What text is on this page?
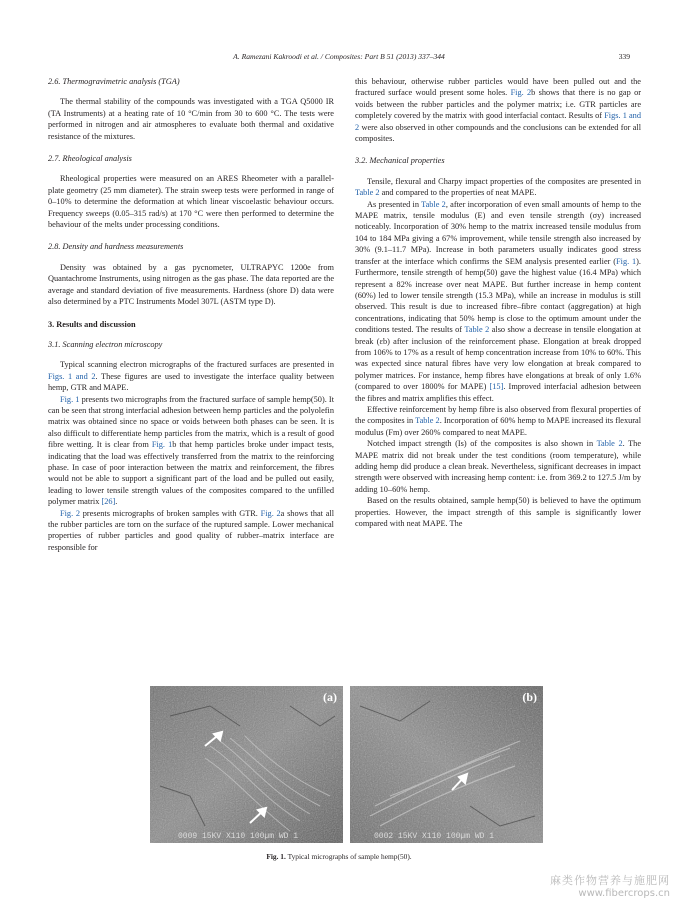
A. Ramezani Kakroodi et al. / Composites: Part B 51 (2013) 337–344	339
2.6. Thermogravimetric analysis (TGA)

The thermal stability of the compounds was investigated with a TGA Q5000 IR (TA Instruments) at a heating rate of 10 °C/min from 30 to 600 °C. The tests were performed in nitrogen and air atmospheres to evaluate both thermal and oxidative resistance of the mixtures.

2.7. Rheological analysis

Rheological properties were measured on an ARES Rheometer with a parallel-plate geometry (25 mm diameter). The strain sweep tests were performed in range of 0–10% to determine the deformation at which linear viscoelastic behaviour occurs. Frequency sweeps (0.05–315 rad/s) at 170 °C were then performed to determine the behaviour of the melts under processing conditions.

2.8. Density and hardness measurements

Density was obtained by a gas pycnometer, ULTRAPYC 1200e from Quantachrome Instruments, using nitrogen as the gas phase. The data reported are the average and standard deviation of five measurements. Hardness (shore D) data were also determined by a PTC Instruments Model 307L (ASTM type D).

3. Results and discussion
3.1. Scanning electron microscopy

Typical scanning electron micrographs of the fractured surfaces are presented in Figs. 1 and 2. These figures are used to investigate the interface quality between hemp, GTR and MAPE.

Fig. 1 presents two micrographs from the fractured surface of sample hemp(50). It can be seen that strong interfacial adhesion between hemp particles and the polyolefin matrix was obtained since no space or voids between both phases can be seen. It is also difficult to differentiate hemp particles from the matrix, which is a result of good fibre wetting. It is clear from Fig. 1b that hemp particles broke under impact tests, indicating that the load was effectively transferred from the matrix to the reinforcing phase. In case of poor interaction between the matrix and reinforcement, the fibres would not be able to support a significant part of the load and be pulled out easily, leading to lower tensile strength values of the composites compared to the unfilled polymer matrix [26].

Fig. 2 presents micrographs of broken samples with GTR. Fig. 2a shows that all the rubber particles are torn on the surface of the ruptured sample. Lower mechanical properties of rubber particles and good quality of rubber–matrix interface are responsible for

this behaviour, otherwise rubber particles would have been pulled out and the fractured surface would present some holes. Fig. 2b shows that there is no gap or voids between the rubber particles and the polymer matrix; i.e. GTR particles are completely covered by the matrix with good interfacial contact. Results of Figs. 1 and 2 were also observed in other compounds and the conclusions can be extended for all composites.

3.2. Mechanical properties

Tensile, flexural and Charpy impact properties of the composites are presented in Table 2 and compared to the properties of neat MAPE.

As presented in Table 2, after incorporation of even small amounts of hemp to the MAPE matrix, tensile modulus (E) and even tensile strength (σy) increased noticeably. Incorporation of 30% hemp to the matrix increased tensile modulus from 104 to 184 MPa giving a 67% improvement, while tensile strength also increased by 30% (9.1–11.7 MPa). Increase in both parameters usually indicates good stress transfer at the interface which confirms the SEM analysis presented earlier (Fig. 1). Furthermore, tensile strength of hemp(50) gave the highest value (16.4 MPa) which represent a 82% increase over neat MAPE. But further increase in hemp content (60%) led to lower tensile strength (15.3 MPa), while an increase in modulus is still observed. This result is due to increased fibre–fibre contact (aggregation) at high concentrations, indicating that 50% hemp is close to the optimum amount under the conditions tested. The results of Table 2 also show a decrease in tensile elongation at break (εb) after inclusion of the reinforcement phase. Elongation at break dropped from 106% to 17% as a result of hemp concentration increase from 10% to 60%. This was expected since natural fibres have very low elongation at break compared to polymer matrices. For instance, hemp fibres have elongations at break of only 1.6% (compared to over 1800% for MAPE) [15]. Improved interfacial adhesion between the fibres and matrix amplifies this effect.

Effective reinforcement by hemp fibre is also observed from flexural properties of the composites in Table 2. Incorporation of 60% hemp to MAPE increased its flexural modulus (Fm) over 260% compared to neat MAPE.

Notched impact strength (Is) of the composites is also shown in Table 2. The MAPE matrix did not break under the test conditions (room temperature), while adding hemp did produce a clean break. Nevertheless, significant decreases in impact strength were observed with increasing hemp content: i.e. from 369.2 to 127.5 J/m by adding 10–60% hemp.

Based on the results obtained, sample hemp(50) is believed to have the optimum properties. However, the impact strength of this sample is significantly lower compared with neat MAPE. The

0009 15KV X110 100µm WD 1
(a)
0002 15KV X110 100µm WD 1
(b)
Fig. 1. Typical micrographs of sample hemp(50).
麻类作物营养与施肥网
www.fibercrops.cn
